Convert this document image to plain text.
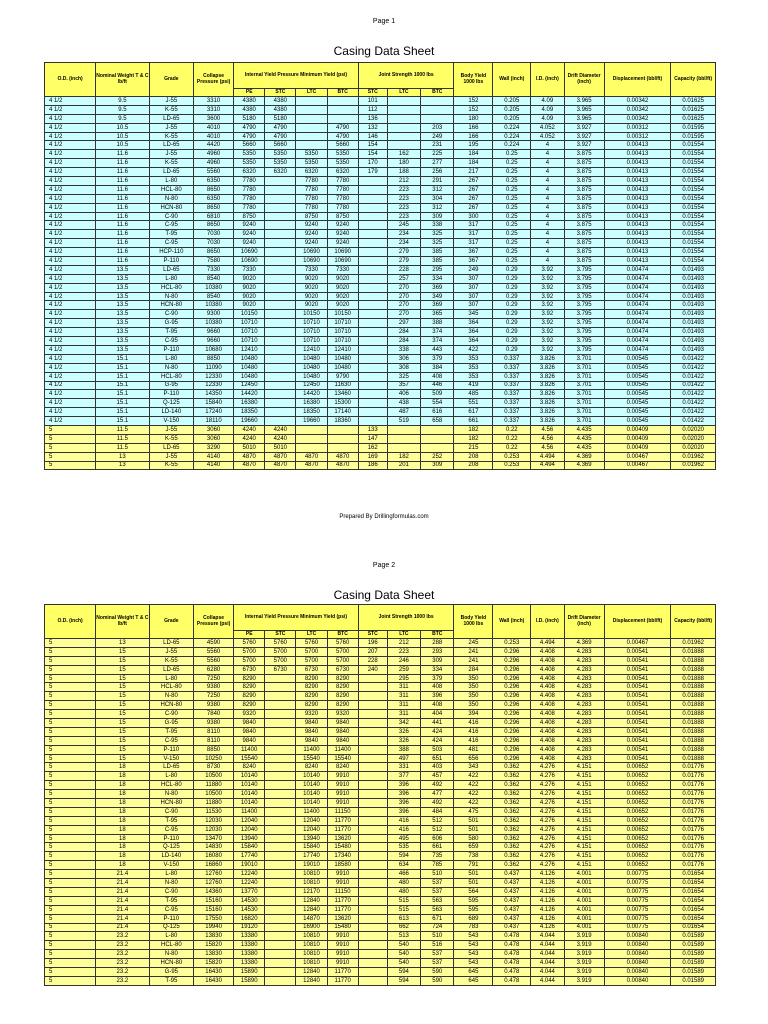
Page 1
Casing Data Sheet
O.D. (inch)	Nominal Weight T & C lb/ft	Grade	Collapse Pressure (psi)	Internal Yield Pressure Minimum Yield (psi)				Joint Strength 1000 lbs			Body Yield 1000 lbs	Wall (inch)	I.D. (inch)	Drift Diameter (inch)	Displacement (bbl/ft)	Capacity (bbl/ft)
				PE	STC	LTC	BTC	STC	LTC	BTC						
4 1/2	9.5	J-55	3310	4380	4380			101			152	0.205	4.09	3.965	0.00342	0.01625
4 1/2	9.5	K-55	3310	4380	4380			112			152	0.205	4.09	3.965	0.00342	0.01625
4 1/2	9.5	LD-65	3600	5180	5180			136			180	0.205	4.09	3.965	0.00342	0.01625
4 1/2	10.5	J-55	4010	4790	4790		4790	132		203	166	0.224	4.052	3.927	0.00312	0.01595
4 1/2	10.5	K-55	4010	4790	4790		4790	146		249	166	0.224	4.052	3.927	0.00312	0.01595
4 1/2	10.5	LD-65	4420	5660	5660		5660	154		231	195	0.224	4	3.927	0.00413	0.01554
4 1/2	11.6	J-55	4960	5350	5350	5350	5350	154	162	225	184	0.25	4	3.875	0.00413	0.01554
4 1/2	11.6	K-55	4960	5350	5350	5350	5350	170	180	277	184	0.25	4	3.875	0.00413	0.01554
4 1/2	11.6	LD-65	5560	6320	6320	6320	6320	179	188	256	217	0.25	4	3.875	0.00413	0.01554
4 1/2	11.6	L-80	6350	7780		7780	7780		212	291	267	0.25	4	3.875	0.00413	0.01554
4 1/2	11.6	HCL-80	8650	7780		7780	7780		223	312	267	0.25	4	3.875	0.00413	0.01554
4 1/2	11.6	N-80	6350	7780		7780	7780		223	304	267	0.25	4	3.875	0.00413	0.01554
4 1/2	11.6	HCN-80	8650	7780		7780	7780		223	312	267	0.25	4	3.875	0.00413	0.01554
4 1/2	11.6	C-90	6810	8750		8750	8750		223	309	300	0.25	4	3.875	0.00413	0.01554
4 1/2	11.6	C-95	8650	9240		9240	9240		245	338	317	0.25	4	3.875	0.00413	0.01554
4 1/2	11.6	T-95	7030	9240		9240	9240		234	325	317	0.25	4	3.875	0.00413	0.01554
4 1/2	11.6	C-95	7030	9240		9240	9240		234	325	317	0.25	4	3.875	0.00413	0.01554
4 1/2	11.6	HCP-110	8650	10690		10690	10690		279	385	367	0.25	4	3.875	0.00413	0.01554
4 1/2	11.6	P-110	7580	10690		10690	10690		279	385	367	0.25	4	3.875	0.00413	0.01554
4 1/2	13.5	LD-65	7330	7330		7330	7330		228	295	249	0.29	3.92	3.795	0.00474	0.01493
4 1/2	13.5	L-80	8540	9020		9020	9020		257	334	307	0.29	3.92	3.795	0.00474	0.01493
4 1/2	13.5	HCL-80	10380	9020		9020	9020		270	369	307	0.29	3.92	3.795	0.00474	0.01493
4 1/2	13.5	N-80	8540	9020		9020	9020		270	349	307	0.29	3.92	3.795	0.00474	0.01493
4 1/2	13.5	HCN-80	10380	9020		9020	9020		270	369	307	0.29	3.92	3.795	0.00474	0.01493
4 1/2	13.5	C-90	9300	10150		10150	10150		270	365	345	0.29	3.92	3.795	0.00474	0.01493
4 1/2	13.5	G-95	10380	10710		10710	10710		297	388	364	0.29	3.92	3.795	0.00474	0.01493
4 1/2	13.5	T-95	9660	10710		10710	10710		284	374	364	0.29	3.92	3.795	0.00474	0.01493
4 1/2	13.5	C-95	9660	10710		10710	10710		284	374	364	0.29	3.92	3.795	0.00474	0.01493
4 1/2	13.5	P-110	10680	12410		12410	12410		338	443	422	0.29	3.92	3.795	0.00474	0.01493
4 1/2	15.1	L-80	8850	10480		10480	10480		306	379	353	0.337	3.826	3.701	0.00545	0.01422
4 1/2	15.1	N-80	11090	10480		10480	10480		308	384	353	0.337	3.826	3.701	0.00545	0.01422
4 1/2	15.1	HCL-80	12330	10480		10480	9790		325	408	353	0.337	3.826	3.701	0.00545	0.01422
4 1/2	15.1	G-95	12330	12450		12450	11630		357	446	419	0.337	3.826	3.701	0.00545	0.01422
4 1/2	15.1	P-110	14350	14420		14420	13460		406	509	485	0.337	3.826	3.701	0.00545	0.01422
4 1/2	15.1	Q-125	15840	16380		16380	15300		438	554	551	0.337	3.826	3.701	0.00545	0.01422
4 1/2	15.1	LD-140	17240	18350		18350	17140		487	616	617	0.337	3.826	3.701	0.00545	0.01422
4 1/2	15.1	V-150	18110	19660		19660	18360		519	658	661	0.337	3.826	3.701	0.00545	0.01422
5	11.5	J-55	3060	4240	4240			133			182	0.22	4.56	4.435	0.00409	0.02020
5	11.5	K-55	3060	4240	4240			147			182	0.22	4.56	4.435	0.00409	0.02020
5	11.5	LD-65	3290	5010	5010			162			215	0.22	4.56	4.435	0.00409	0.02020
5	13	J-55	4140	4870	4870	4870	4870	169	182	252	208	0.253	4.494	4.369	0.00467	0.01962
5	13	K-55	4140	4870	4870	4870	4870	186	201	309	208	0.253	4.494	4.369	0.00467	0.01962
Prepared By Drillingformulas.com
Page 2
Casing Data Sheet
O.D. (inch)	Nominal Weight T & C lb/ft	Grade	Collapse Pressure (psi)	Internal Yield Pressure Minimum Yield (psi)				Joint Strength 1000 lbs			Body Yield 1000 lbs	Wall (inch)	I.D. (inch)	Drift Diameter (inch)	Displacement (bbl/ft)	Capacity (bbl/ft)
				PE	STC	LTC	BTC	STC	LTC	BTC						
5	13	LD-65	4590	5760	5760	5760	5760	196	212	288	245	0.253	4.494	4.369	0.00467	0.01962
5	15	J-55	5560	5700	5700	5700	5700	207	223	293	241	0.296	4.408	4.283	0.00541	0.01888
5	15	K-55	5560	5700	5700	5700	5700	228	246	309	241	0.296	4.408	4.283	0.00541	0.01888
5	15	LD-65	6280	6730	6730	6730	6730	240	259	334	284	0.296	4.408	4.283	0.00541	0.01888
5	15	L-80	7250	8290		8290	8290		295	379	350	0.296	4.408	4.283	0.00541	0.01888
5	15	HCL-80	9380	8290		8290	8290		311	408	350	0.296	4.408	4.283	0.00541	0.01888
5	15	N-80	7250	8290		8290	8290		311	396	350	0.296	4.408	4.283	0.00541	0.01888
5	15	HCN-80	9380	8290		8290	8290		311	408	350	0.296	4.408	4.283	0.00541	0.01888
5	15	C-90	7840	9320		9320	9320		311	404	394	0.296	4.408	4.283	0.00541	0.01888
5	15	G-95	9380	9840		9840	9840		342	441	416	0.296	4.408	4.283	0.00541	0.01888
5	15	T-95	8110	9840		9840	9840		326	424	416	0.296	4.408	4.283	0.00541	0.01888
5	15	C-95	8110	9840		9840	9840		326	424	416	0.296	4.408	4.283	0.00541	0.01888
5	15	P-110	8850	11400		11400	11400		388	503	481	0.296	4.408	4.283	0.00541	0.01888
5	15	V-150	10250	15540		15540	15540		497	651	656	0.296	4.408	4.283	0.00541	0.01888
5	18	LD-65	8730	8240		8240	8240		331	403	343	0.362	4.276	4.151	0.00652	0.01776
5	18	L-80	10500	10140		10140	9910		377	457	422	0.362	4.276	4.151	0.00652	0.01776
5	18	HCL-80	11880	10140		10140	9910		396	492	422	0.362	4.276	4.151	0.00652	0.01776
5	18	N-80	10500	10140		10140	9910		396	477	422	0.362	4.276	4.151	0.00652	0.01776
5	18	HCN-80	11880	10140		10140	9910		396	492	422	0.362	4.276	4.151	0.00652	0.01776
5	18	C-90	11530	11400		11400	11150		396	484	475	0.362	4.276	4.151	0.00652	0.01776
5	18	T-95	12030	12040		12040	11770		416	512	501	0.362	4.276	4.151	0.00652	0.01776
5	18	C-95	12030	12040		12040	11770		416	512	501	0.362	4.276	4.151	0.00652	0.01776
5	18	P-110	13470	13940		13940	13620		495	606	580	0.362	4.276	4.151	0.00652	0.01776
5	18	Q-125	14830	15840		15840	15480		535	661	659	0.362	4.276	4.151	0.00652	0.01776
5	18	LD-140	16080	17740		17740	17340		594	735	738	0.362	4.276	4.151	0.00652	0.01776
5	18	V-150	16860	19010		19010	18580		634	785	791	0.362	4.276	4.151	0.00652	0.01776
5	21.4	L-80	12760	12240		10810	9910		466	510	501	0.437	4.126	4.001	0.00775	0.01654
5	21.4	N-80	12760	12240		10810	9910		480	537	501	0.437	4.126	4.001	0.00775	0.01654
5	21.4	C-90	14360	13770		12170	11150		480	537	564	0.437	4.126	4.001	0.00775	0.01654
5	21.4	T-95	15160	14530		12840	11770		515	563	595	0.437	4.126	4.001	0.00775	0.01654
5	21.4	C-95	15160	14530		12840	11770		515	563	595	0.437	4.126	4.001	0.00775	0.01654
5	21.4	P-110	17550	16820		14870	13620		613	671	689	0.437	4.126	4.001	0.00775	0.01654
5	21.4	Q-125	19940	19120		16900	15480		662	724	783	0.437	4.126	4.001	0.00775	0.01654
5	23.2	L-80	13830	13380		10810	9910		513	510	543	0.478	4.044	3.919	0.00840	0.01589
5	23.2	HCL-80	15820	13380		10810	9910		540	516	543	0.478	4.044	3.919	0.00840	0.01589
5	23.2	N-80	13830	13380		10810	9910		540	537	543	0.478	4.044	3.919	0.00840	0.01589
5	23.2	HCN-80	15820	13380		10810	9910		540	537	543	0.478	4.044	3.919	0.00840	0.01589
5	23.2	G-95	16430	15890		12840	11770		594	590	645	0.478	4.044	3.919	0.00840	0.01589
5	23.2	T-95	16430	15890		12840	11770		594	590	645	0.478	4.044	3.919	0.00840	0.01589
